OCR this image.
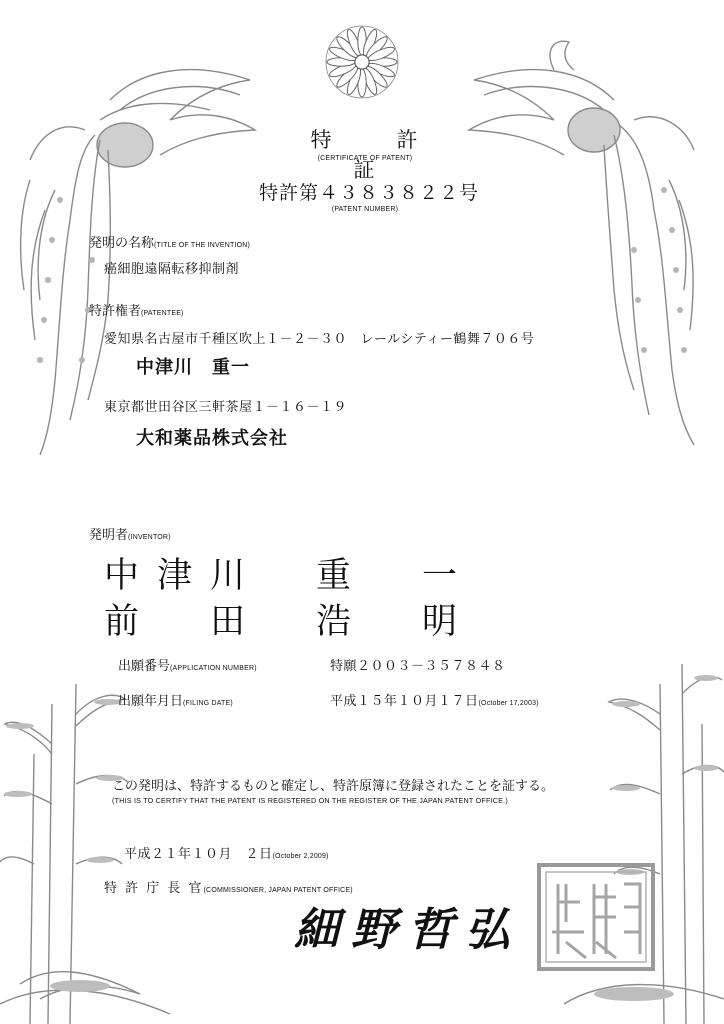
特　許　証
(CERTIFICATE OF PATENT)
特許第４３８３８２２号
(PATENT NUMBER)
発明の名称(TITLE OF THE INVENTION)
癌細胞遠隔転移抑制剤
特許権者(PATENTEE)
愛知県名古屋市千種区吹上１－２－３０　レールシティー鶴舞７０６号
中津川　重一
東京都世田谷区三軒茶屋１－１６－１９
大和薬品株式会社
発明者(INVENTOR)
中津川　重　一
前　田　浩　明
出願番号(APPLICATION NUMBER)	特願２００３－３５７８４８
出願年月日(FILING DATE)	平成１５年１０月１７日(October 17,2003)
この発明は、特許するものと確定し、特許原簿に登録されたことを証する。
(THIS IS TO CERTIFY THAT THE PATENT IS REGISTERED ON THE REGISTER OF THE JAPAN PATENT OFFICE.)
平成２１年１０月　２日(October 2,2009)
特 許 庁 長 官(COMMISSIONER, JAPAN PATENT OFFICE)
細野哲弘
